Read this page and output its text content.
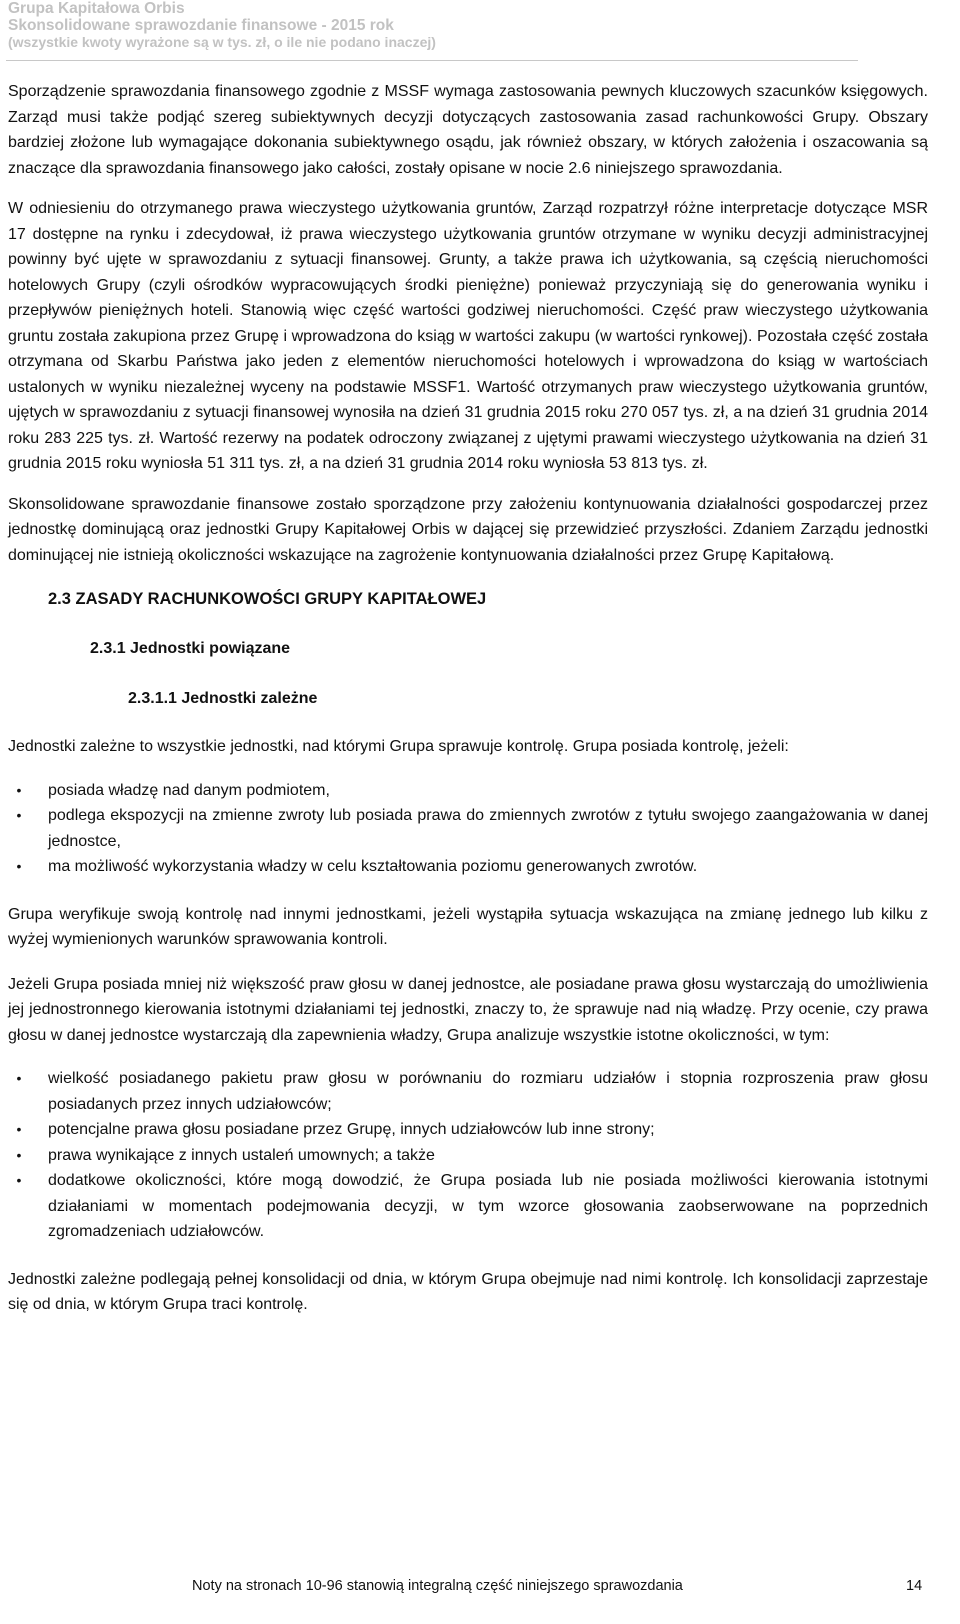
Grupa Kapitałowa Orbis
Skonsolidowane sprawozdanie finansowe - 2015 rok
(wszystkie kwoty wyrażone są w tys. zł, o ile nie podano inaczej)

Sporządzenie sprawozdania finansowego zgodnie z MSSF wymaga zastosowania pewnych kluczowych szacunków księgowych. Zarząd musi także podjąć szereg subiektywnych decyzji dotyczących zastosowania zasad rachunkowości Grupy. Obszary bardziej złożone lub wymagające dokonania subiektywnego osądu, jak również obszary, w których założenia i oszacowania są znaczące dla sprawozdania finansowego jako całości, zostały opisane w nocie 2.6 niniejszego sprawozdania.

W odniesieniu do otrzymanego prawa wieczystego użytkowania gruntów, Zarząd rozpatrzył różne interpretacje dotyczące MSR 17 dostępne na rynku i zdecydował, iż prawa wieczystego użytkowania gruntów otrzymane w wyniku decyzji administracyjnej powinny być ujęte w sprawozdaniu z sytuacji finansowej. Grunty, a także prawa ich użytkowania, są częścią nieruchomości hotelowych Grupy (czyli ośrodków wypracowujących środki pieniężne) ponieważ przyczyniają się do generowania wyniku i przepływów pieniężnych hoteli. Stanowią więc część wartości godziwej nieruchomości. Część praw wieczystego użytkowania gruntu została zakupiona przez Grupę i wprowadzona do ksiąg w wartości zakupu (w wartości rynkowej). Pozostała część została otrzymana od Skarbu Państwa jako jeden z elementów nieruchomości hotelowych i wprowadzona do ksiąg w wartościach ustalonych w wyniku niezależnej wyceny na podstawie MSSF1. Wartość otrzymanych praw wieczystego użytkowania gruntów, ujętych w sprawozdaniu z sytuacji finansowej wynosiła na dzień 31 grudnia 2015 roku 270 057 tys. zł, a na dzień 31 grudnia 2014 roku 283 225 tys. zł. Wartość rezerwy na podatek odroczony związanej z ujętymi prawami wieczystego użytkowania na dzień 31 grudnia 2015 roku wyniosła 51 311 tys. zł, a na dzień 31 grudnia 2014 roku wyniosła 53 813 tys. zł.

Skonsolidowane sprawozdanie finansowe zostało sporządzone przy założeniu kontynuowania działalności gospodarczej przez jednostkę dominującą oraz jednostki Grupy Kapitałowej Orbis w dającej się przewidzieć przyszłości. Zdaniem Zarządu jednostki dominującej nie istnieją okoliczności wskazujące na zagrożenie kontynuowania działalności przez Grupę Kapitałową.

2.3 ZASADY RACHUNKOWOŚCI GRUPY KAPITAŁOWEJ
2.3.1 Jednostki powiązane
2.3.1.1 Jednostki zależne

Jednostki zależne to wszystkie jednostki, nad którymi Grupa sprawuje kontrolę. Grupa posiada kontrolę, jeżeli:

• posiada władzę nad danym podmiotem,
• podlega ekspozycji na zmienne zwroty lub posiada prawa do zmiennych zwrotów z tytułu swojego zaangażowania w danej jednostce,
• ma możliwość wykorzystania władzy w celu kształtowania poziomu generowanych zwrotów.

Grupa weryfikuje swoją kontrolę nad innymi jednostkami, jeżeli wystąpiła sytuacja wskazująca na zmianę jednego lub kilku z wyżej wymienionych warunków sprawowania kontroli.

Jeżeli Grupa posiada mniej niż większość praw głosu w danej jednostce, ale posiadane prawa głosu wystarczają do umożliwienia jej jednostronnego kierowania istotnymi działaniami tej jednostki, znaczy to, że sprawuje nad nią władzę. Przy ocenie, czy prawa głosu w danej jednostce wystarczają dla zapewnienia władzy, Grupa analizuje wszystkie istotne okoliczności, w tym:

• wielkość posiadanego pakietu praw głosu w porównaniu do rozmiaru udziałów i stopnia rozproszenia praw głosu posiadanych przez innych udziałowców;
• potencjalne prawa głosu posiadane przez Grupę, innych udziałowców lub inne strony;
• prawa wynikające z innych ustaleń umownych; a także
• dodatkowe okoliczności, które mogą dowodzić, że Grupa posiada lub nie posiada możliwości kierowania istotnymi działaniami w momentach podejmowania decyzji, w tym wzorce głosowania zaobserwowane na poprzednich zgromadzeniach udziałowców.

Jednostki zależne podlegają pełnej konsolidacji od dnia, w którym Grupa obejmuje nad nimi kontrolę. Ich konsolidacji zaprzestaje się od dnia, w którym Grupa traci kontrolę.

Noty na stronach 10-96 stanowią integralną część niniejszego sprawozdania	14
